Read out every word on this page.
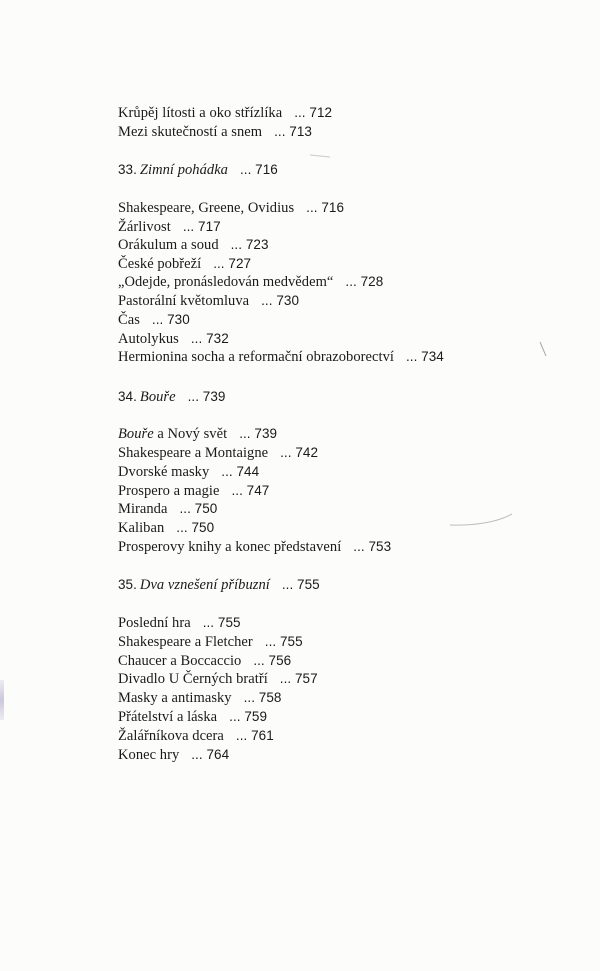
Krůpěj lítosti a oko střízlíka ... 712
Mezi skutečností a snem ... 713
33. Zimní pohádka ... 716
Shakespeare, Greene, Ovidius ... 716
Žárlivost ... 717
Orákulum a soud ... 723
České pobřeží ... 727
„Odejde, pronásledován medvědem“ ... 728
Pastorální květomluva ... 730
Čas ... 730
Autolykus ... 732
Hermionina socha a reformační obrazoborectví ... 734
34. Bouře ... 739
Bouře a Nový svět ... 739
Shakespeare a Montaigne ... 742
Dvorské masky ... 744
Prospero a magie ... 747
Miranda ... 750
Kaliban ... 750
Prosperovy knihy a konec představení ... 753
35. Dva vznešení příbuzní ... 755
Poslední hra ... 755
Shakespeare a Fletcher ... 755
Chaucer a Boccaccio ... 756
Divadlo U Černých bratří ... 757
Masky a antimasky ... 758
Přátelství a láska ... 759
Žalářníkova dcera ... 761
Konec hry ... 764
